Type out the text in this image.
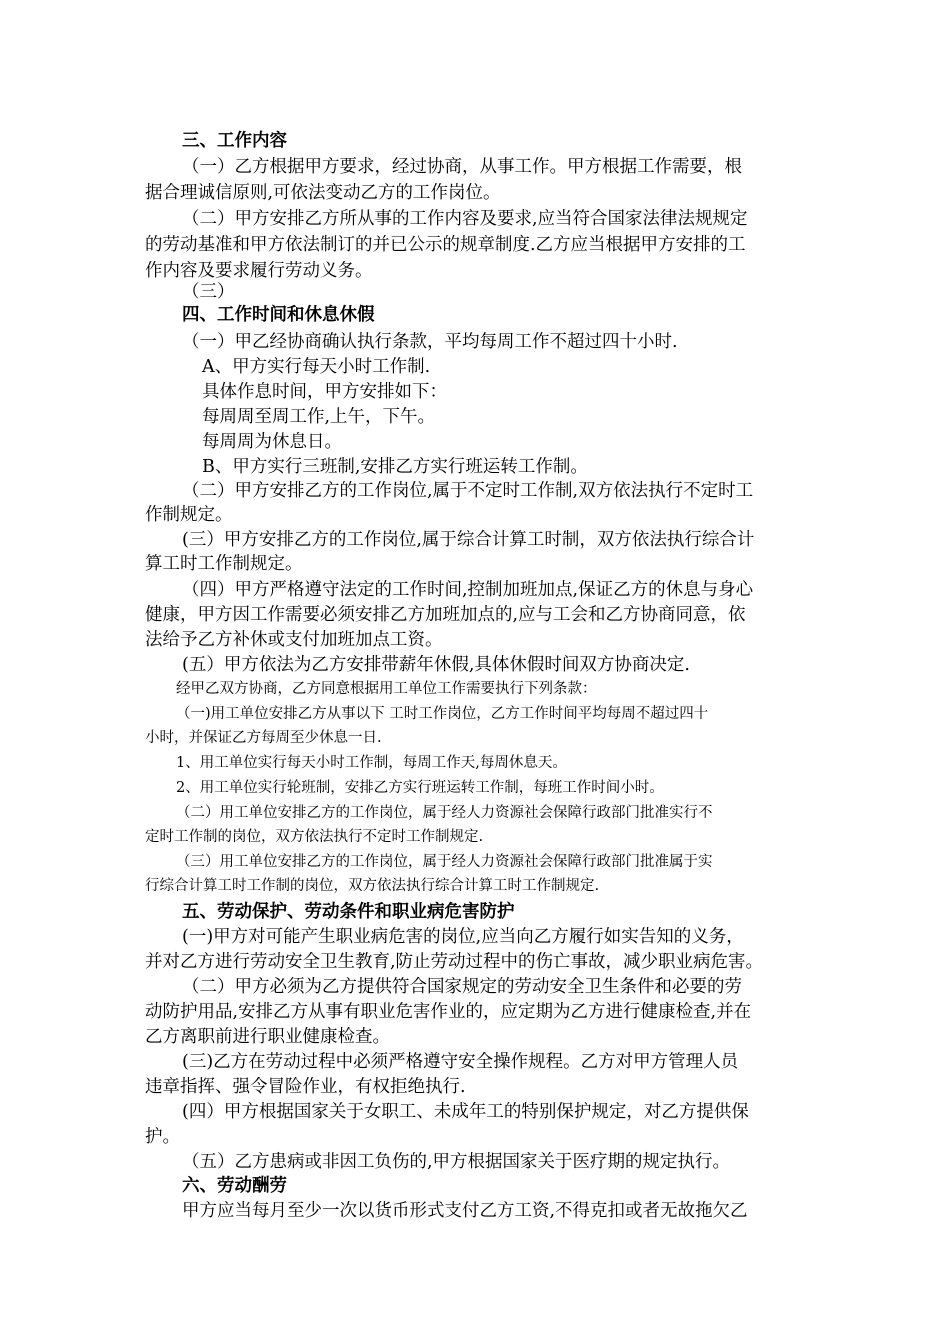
三、工作内容
（一）乙方根据甲方要求，经过协商，从事工作。甲方根据工作需要，根
据合理诚信原则,可依法变动乙方的工作岗位。
（二）甲方安排乙方所从事的工作内容及要求,应当符合国家法律法规规定
的劳动基准和甲方依法制订的并已公示的规章制度.乙方应当根据甲方安排的工
作内容及要求履行劳动义务。
（三）
四、工作时间和休息休假
（一）甲乙经协商确认执行条款，平均每周工作不超过四十小时.
A、甲方实行每天小时工作制.
具体作息时间，甲方安排如下：
每周周至周工作,上午，下午。
每周周为休息日。
B、甲方实行三班制,安排乙方实行班运转工作制。
（二）甲方安排乙方的工作岗位,属于不定时工作制,双方依法执行不定时工
作制规定。
(三）甲方安排乙方的工作岗位,属于综合计算工时制，双方依法执行综合计
算工时工作制规定。
（四）甲方严格遵守法定的工作时间,控制加班加点,保证乙方的休息与身心
健康，甲方因工作需要必须安排乙方加班加点的,应与工会和乙方协商同意，依
法给予乙方补休或支付加班加点工资。
(五）甲方依法为乙方安排带薪年休假,具体休假时间双方协商决定.
经甲乙双方协商，乙方同意根据用工单位工作需要执行下列条款：
（一)用工单位安排乙方从事以下 工时工作岗位，乙方工作时间平均每周不超过四十
小时，并保证乙方每周至少休息一日.
1、用工单位实行每天小时工作制，每周工作天,每周休息天。
2、用工单位实行轮班制，安排乙方实行班运转工作制，每班工作时间小时。
（二）用工单位安排乙方的工作岗位，属于经人力资源社会保障行政部门批准实行不
定时工作制的岗位，双方依法执行不定时工作制规定.
（三）用工单位安排乙方的工作岗位，属于经人力资源社会保障行政部门批准属于实
行综合计算工时工作制的岗位，双方依法执行综合计算工时工作制规定.
五、劳动保护、劳动条件和职业病危害防护
(一)甲方对可能产生职业病危害的岗位,应当向乙方履行如实告知的义务，
并对乙方进行劳动安全卫生教育,防止劳动过程中的伤亡事故，减少职业病危害。
（二）甲方必须为乙方提供符合国家规定的劳动安全卫生条件和必要的劳
动防护用品,安排乙方从事有职业危害作业的，应定期为乙方进行健康检查,并在
乙方离职前进行职业健康检查。
(三)乙方在劳动过程中必须严格遵守安全操作规程。乙方对甲方管理人员
违章指挥、强令冒险作业，有权拒绝执行.
(四）甲方根据国家关于女职工、未成年工的特别保护规定，对乙方提供保
护。
（五）乙方患病或非因工负伤的,甲方根据国家关于医疗期的规定执行。
六、劳动酬劳
甲方应当每月至少一次以货币形式支付乙方工资,不得克扣或者无故拖欠乙
